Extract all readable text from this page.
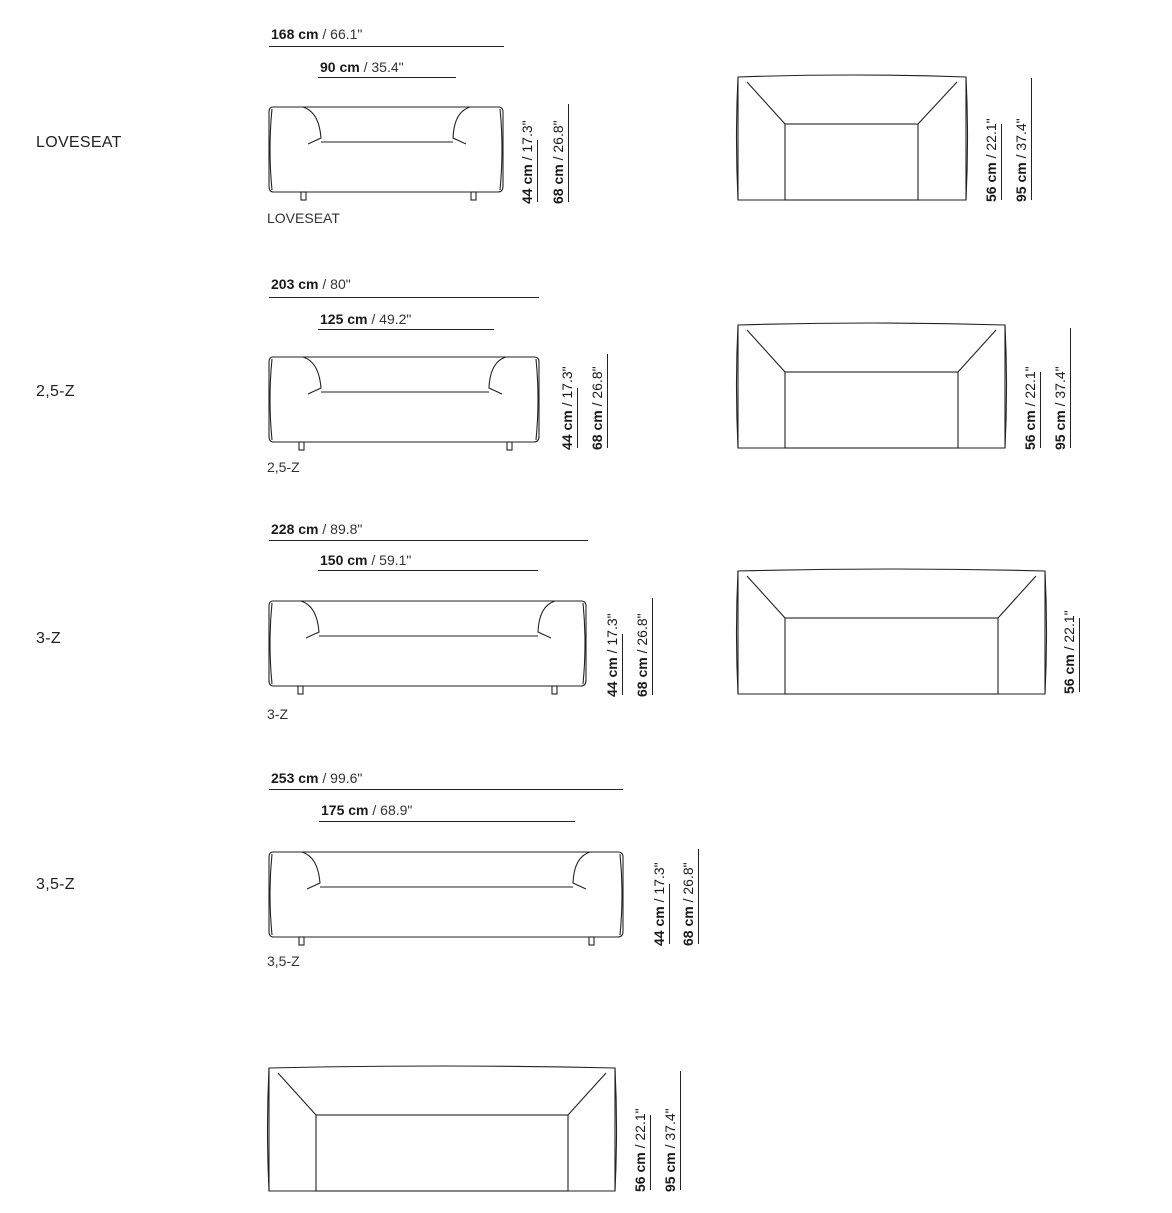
LOVESEAT
168 cm / 66.1"
90 cm / 35.4"
LOVESEAT
44 cm / 17.3"
68 cm / 26.8"
56 cm / 22.1"
95 cm / 37.4"
2,5-Z
203 cm / 80"
125 cm / 49.2"
2,5-Z
44 cm / 17.3"
68 cm / 26.8"
56 cm / 22.1"
95 cm / 37.4"
3-Z
228 cm / 89.8"
150 cm / 59.1"
3-Z
44 cm / 17.3"
68 cm / 26.8"
56 cm / 22.1"
3,5-Z
253 cm / 99.6"
175 cm / 68.9"
3,5-Z
44 cm / 17.3"
68 cm / 26.8"
56 cm / 22.1"
95 cm / 37.4"
